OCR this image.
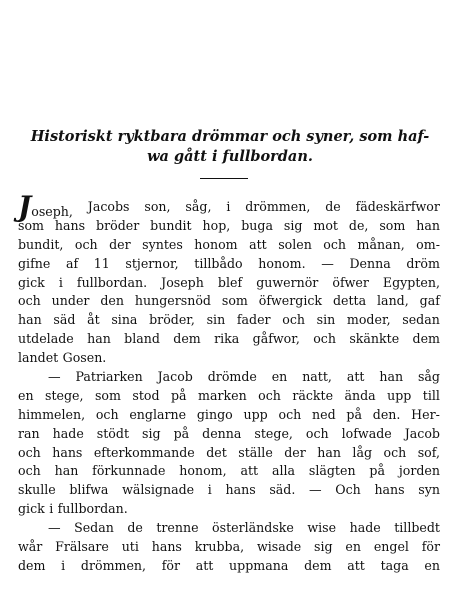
Historiskt ryktbara drömmar och syner, som haf-
wa gått i fullbordan.
Joseph, Jacobs son, såg, i drömmen, de fädeskärfwor
som hans bröder bundit hop, buga sig mot de, som han
bundit, och der syntes honom att solen och månan, om-
gifne af 11 stjernor, tillbådo honom. — Denna dröm
gick i fullbordan. Joseph blef guwernör öfwer Egypten,
och under den hungersnöd som öfwergick detta land, gaf
han säd åt sina bröder, sin fader och sin moder, sedan
utdelade han bland dem rika gåfwor, och skänkte dem
landet Gosen.
— Patriarken Jacob drömde en natt, att han såg
en stege, som stod på marken och räckte ända upp till
himmelen, och englarne gingo upp och ned på den. Her-
ran hade stödt sig på denna stege, och lofwade Jacob
och hans efterkommande det ställe der han låg och sof,
och han förkunnade honom, att alla slägten på jorden
skulle blifwa wälsignade i hans säd. — Och hans syn
gick i fullbordan.
— Sedan de trenne österländske wise hade tillbedt
wår Frälsare uti hans krubba, wisade sig en engel för
dem i drömmen, för att uppmana dem att taga en
